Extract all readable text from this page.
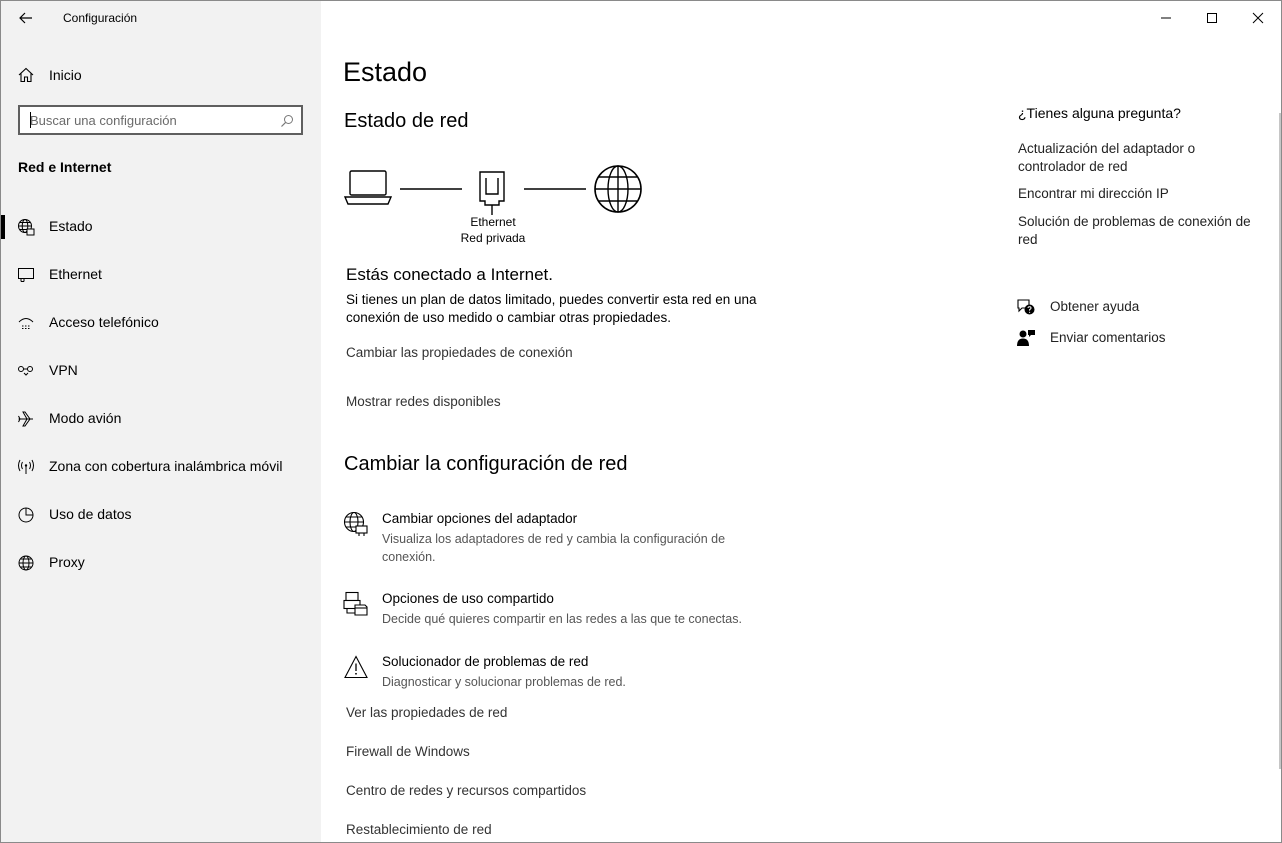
Configuración
Inicio
Buscar una configuración
Red e Internet
Estado
Ethernet
Acceso telefónico
VPN
Modo avión
Zona con cobertura inalámbrica móvil
Uso de datos
Proxy
Estado
Estado de red
Ethernet
Red privada
Estás conectado a Internet.
Si tienes un plan de datos limitado, puedes convertir esta red en una conexión de uso medido o cambiar otras propiedades.
Cambiar las propiedades de conexión
Mostrar redes disponibles
Cambiar la configuración de red
Cambiar opciones del adaptador
Visualiza los adaptadores de red y cambia la configuración de conexión.
Opciones de uso compartido
Decide qué quieres compartir en las redes a las que te conectas.
Solucionador de problemas de red
Diagnosticar y solucionar problemas de red.
Ver las propiedades de red
Firewall de Windows
Centro de redes y recursos compartidos
Restablecimiento de red
¿Tienes alguna pregunta?
Actualización del adaptador o controlador de red
Encontrar mi dirección IP
Solución de problemas de conexión de red
Obtener ayuda
Enviar comentarios
